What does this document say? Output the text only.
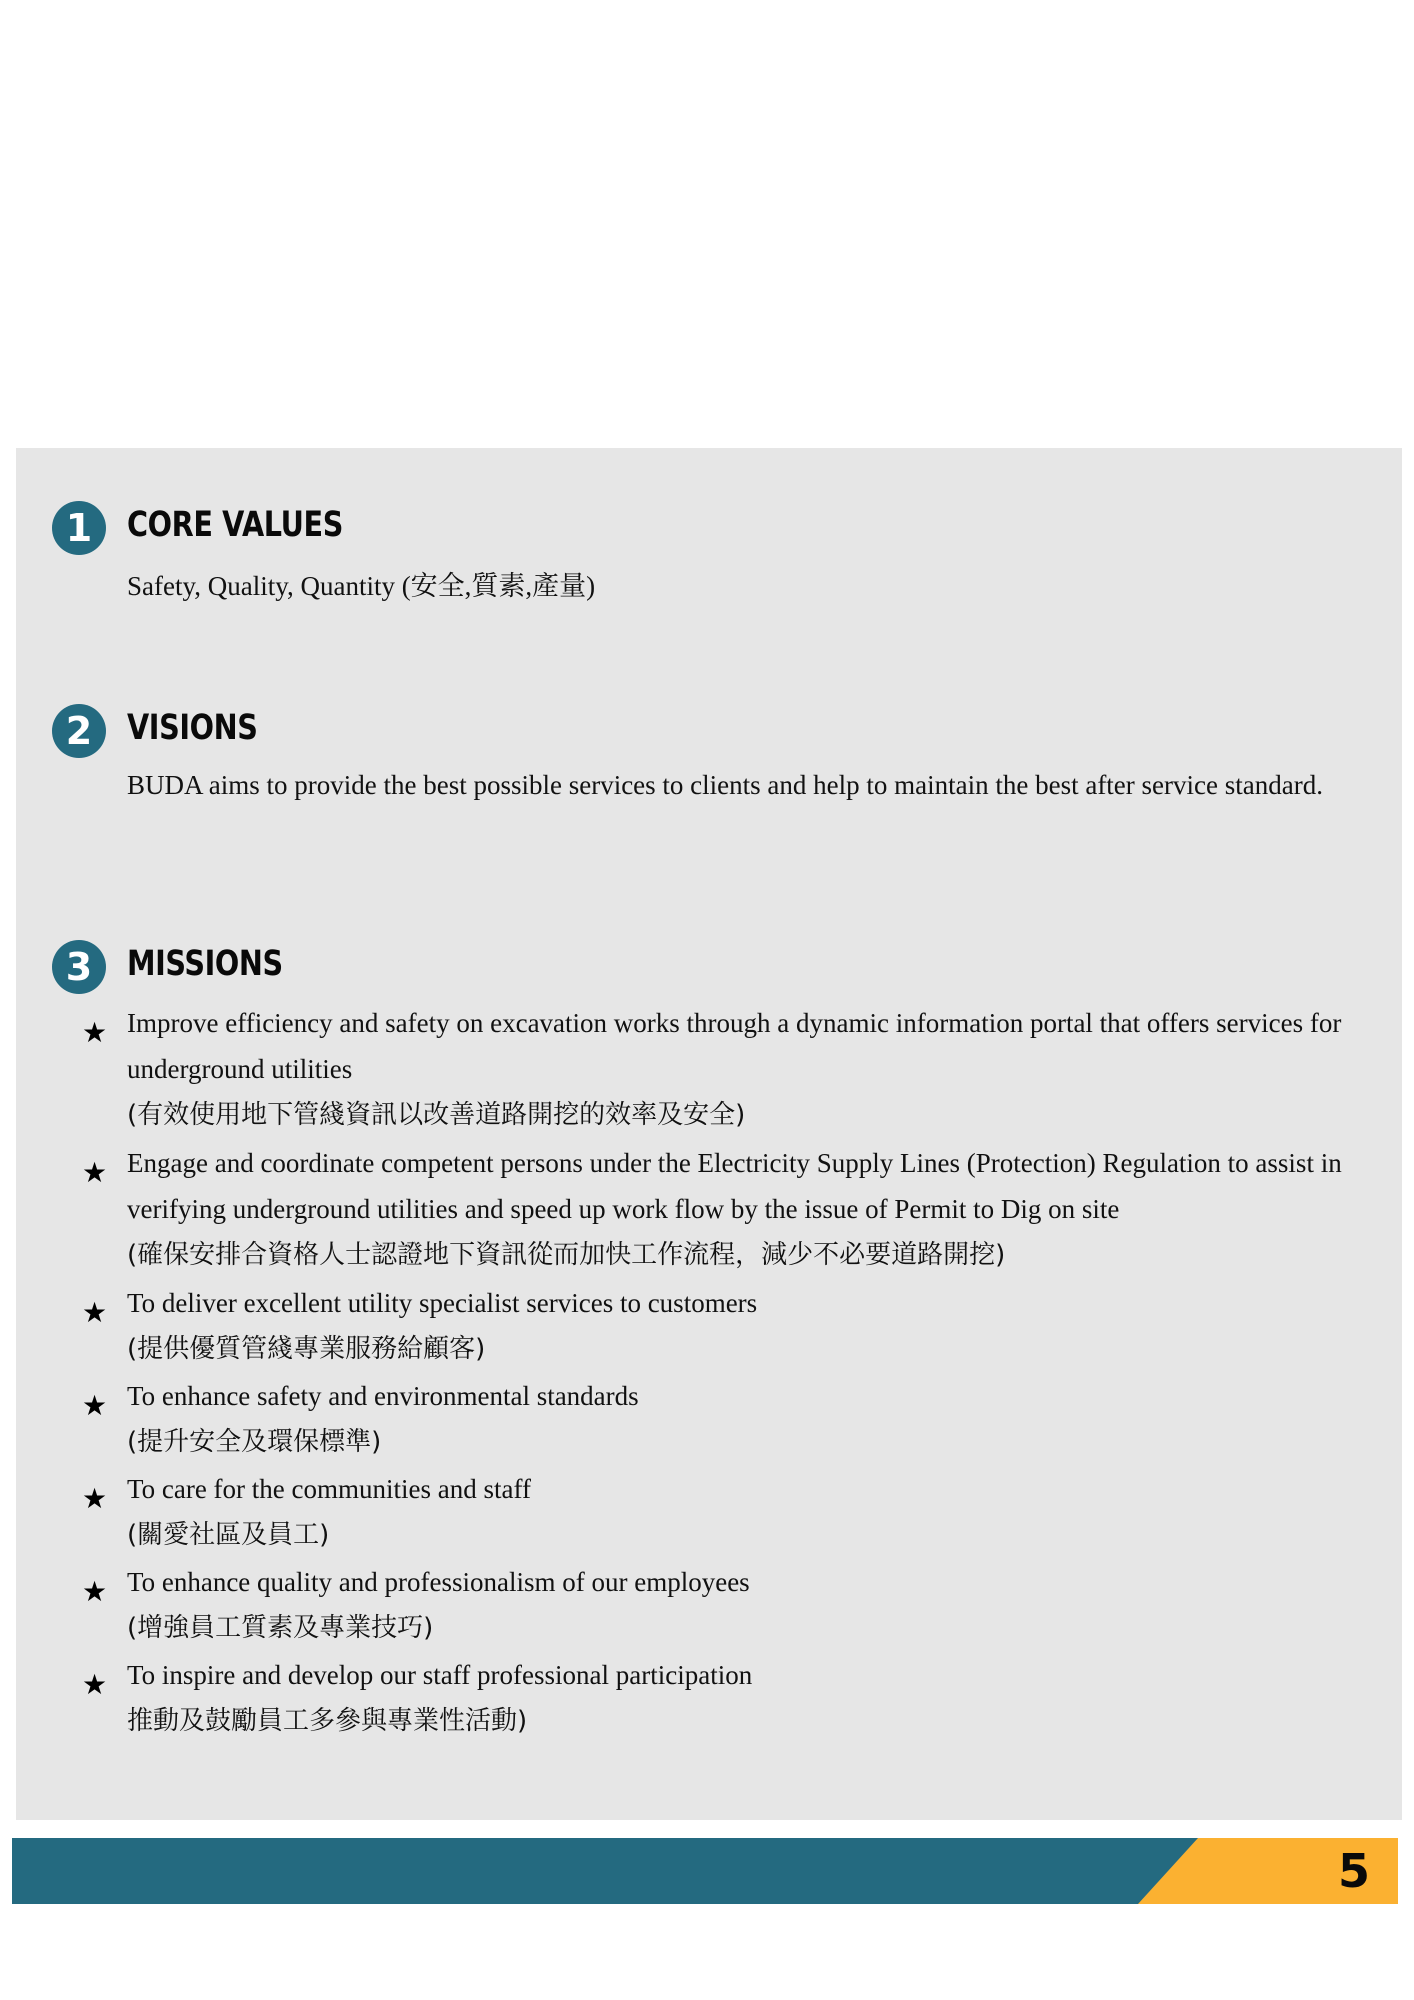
1 CORE VALUES

Safety, Quality, Quantity (安全,質素,產量)

2 VISIONS

BUDA aims to provide the best possible services to clients and help to maintain the best after service standard.

3 MISSIONS
★ Improve efficiency and safety on excavation works through a dynamic information portal that offers services for underground utilities
(有效使用地下管綫資訊以改善道路開挖的效率及安全)
★ Engage and coordinate competent persons under the Electricity Supply Lines (Protection) Regulation to assist in verifying underground utilities and speed up work flow by the issue of Permit to Dig on site
(確保安排合資格人士認證地下資訊從而加快工作流程，減少不必要道路開挖)
★ To deliver excellent utility specialist services to customers
(提供優質管綫專業服務給顧客)
★ To enhance safety and environmental standards
(提升安全及環保標準)
★ To care for the communities and staff
(關愛社區及員工)
★ To enhance quality and professionalism of our employees
(增強員工質素及專業技巧)
★ To inspire and develop our staff professional participation
推動及鼓勵員工多參與專業性活動)
5
